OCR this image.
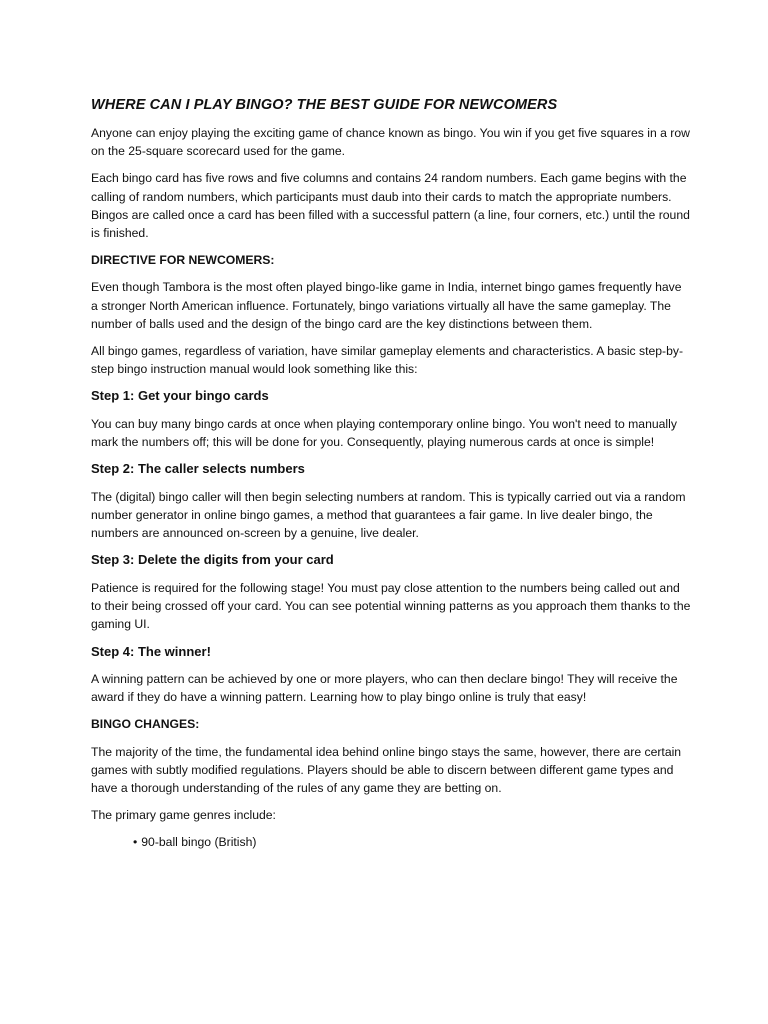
WHERE CAN I PLAY BINGO? THE BEST GUIDE FOR NEWCOMERS

Anyone can enjoy playing the exciting game of chance known as bingo. You win if you get five squares in a row on the 25-square scorecard used for the game.

Each bingo card has five rows and five columns and contains 24 random numbers. Each game begins with the calling of random numbers, which participants must daub into their cards to match the appropriate numbers. Bingos are called once a card has been filled with a successful pattern (a line, four corners, etc.) until the round is finished.

DIRECTIVE FOR NEWCOMERS:

Even though Tambora is the most often played bingo-like game in India, internet bingo games frequently have a stronger North American influence. Fortunately, bingo variations virtually all have the same gameplay. The number of balls used and the design of the bingo card are the key distinctions between them.

All bingo games, regardless of variation, have similar gameplay elements and characteristics. A basic step-by-step bingo instruction manual would look something like this:

Step 1: Get your bingo cards

You can buy many bingo cards at once when playing contemporary online bingo. You won't need to manually mark the numbers off; this will be done for you. Consequently, playing numerous cards at once is simple!

Step 2: The caller selects numbers

The (digital) bingo caller will then begin selecting numbers at random. This is typically carried out via a random number generator in online bingo games, a method that guarantees a fair game. In live dealer bingo, the numbers are announced on-screen by a genuine, live dealer.

Step 3: Delete the digits from your card

Patience is required for the following stage! You must pay close attention to the numbers being called out and to their being crossed off your card. You can see potential winning patterns as you approach them thanks to the gaming UI.

Step 4: The winner!

A winning pattern can be achieved by one or more players, who can then declare bingo! They will receive the award if they do have a winning pattern. Learning how to play bingo online is truly that easy!

BINGO CHANGES:

The majority of the time, the fundamental idea behind online bingo stays the same, however, there are certain games with subtly modified regulations. Players should be able to discern between different game types and have a thorough understanding of the rules of any game they are betting on.

The primary game genres include:

• 90-ball bingo (British)
